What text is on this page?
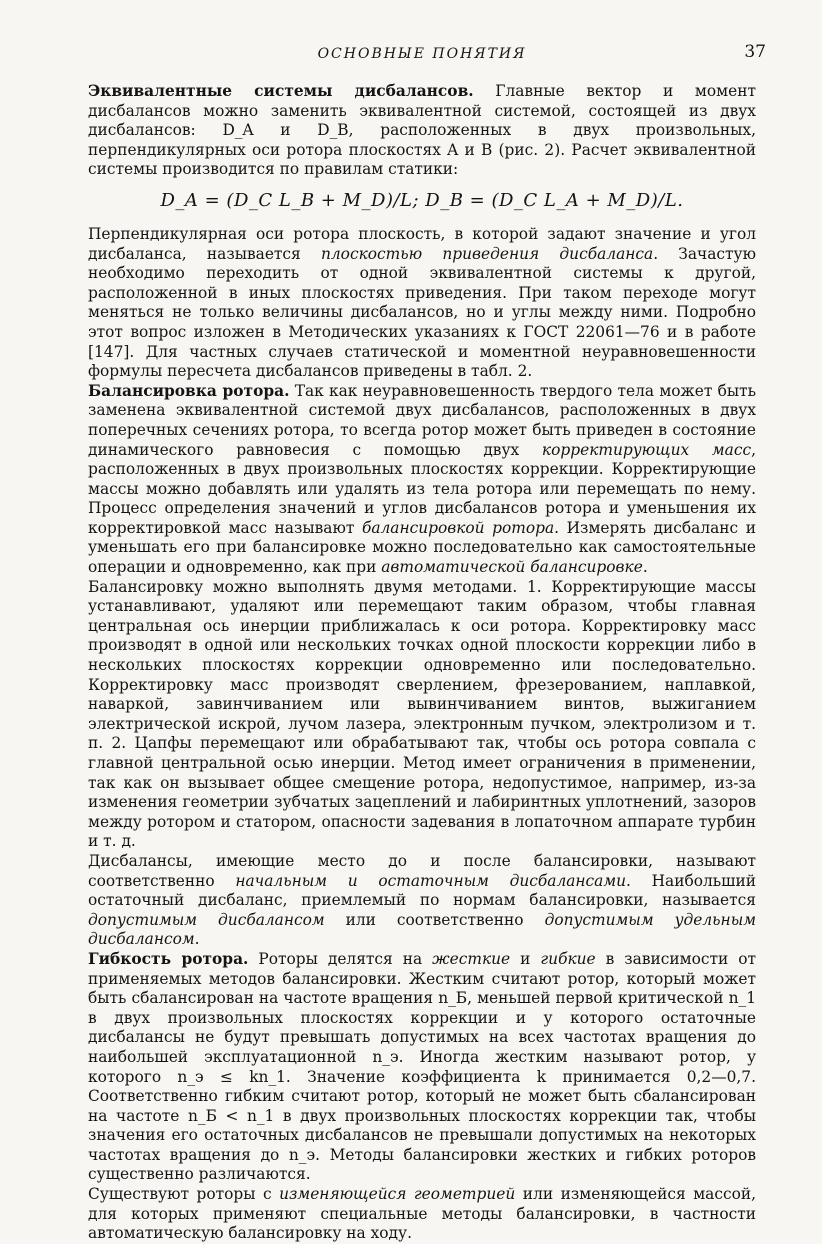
ОСНОВНЫЕ ПОНЯТИЯ	37

Эквивалентные системы дисбалансов. Главные вектор и момент дисбалансов можно заменить эквивалентной системой, состоящей из двух дисбалансов: D_A и D_B, расположенных в двух произвольных, перпендикулярных оси ротора плоскостях A и B (рис. 2). Расчет эквивалентной системы производится по правилам статики:

D_A = (D_C L_B + M_D)/L; D_B = (D_C L_A + M_D)/L.

Перпендикулярная оси ротора плоскость, в которой задают значение и угол дисбаланса, называется плоскостью приведения дисбаланса. Зачастую необходимо переходить от одной эквивалентной системы к другой, расположенной в иных плоскостях приведения. При таком переходе могут меняться не только величины дисбалансов, но и углы между ними. Подробно этот вопрос изложен в Методических указаниях к ГОСТ 22061—76 и в работе [147]. Для частных случаев статической и моментной неуравновешенности формулы пересчета дисбалансов приведены в табл. 2.

Балансировка ротора. Так как неуравновешенность твердого тела может быть заменена эквивалентной системой двух дисбалансов, расположенных в двух поперечных сечениях ротора, то всегда ротор может быть приведен в состояние динамического равновесия с помощью двух корректирующих масс, расположенных в двух произвольных плоскостях коррекции. Корректирующие массы можно добавлять или удалять из тела ротора или перемещать по нему. Процесс определения значений и углов дисбалансов ротора и уменьшения их корректировкой масс называют балансировкой ротора. Измерять дисбаланс и уменьшать его при балансировке можно последовательно как самостоятельные операции и одновременно, как при автоматической балансировке.

Балансировку можно выполнять двумя методами. 1. Корректирующие массы устанавливают, удаляют или перемещают таким образом, чтобы главная центральная ось инерции приближалась к оси ротора. Корректировку масс производят в одной или нескольких точках одной плоскости коррекции либо в нескольких плоскостях коррекции одновременно или последовательно. Корректировку масс производят сверлением, фрезерованием, наплавкой, наваркой, завинчиванием или вывинчиванием винтов, выжиганием электрической искрой, лучом лазера, электронным пучком, электролизом и т. п. 2. Цапфы перемещают или обрабатывают так, чтобы ось ротора совпала с главной центральной осью инерции. Метод имеет ограничения в применении, так как он вызывает общее смещение ротора, недопустимое, например, из-за изменения геометрии зубчатых зацеплений и лабиринтных уплотнений, зазоров между ротором и статором, опасности задевания в лопаточном аппарате турбин и т. д.

Дисбалансы, имеющие место до и после балансировки, называют соответственно начальным и остаточным дисбалансами. Наибольший остаточный дисбаланс, приемлемый по нормам балансировки, называется допустимым дисбалансом или соответственно допустимым удельным дисбалансом.

Гибкость ротора. Роторы делятся на жесткие и гибкие в зависимости от применяемых методов балансировки. Жестким считают ротор, который может быть сбалансирован на частоте вращения n_Б, меньшей первой критической n_1 в двух произвольных плоскостях коррекции и у которого остаточные дисбалансы не будут превышать допустимых на всех частотах вращения до наибольшей эксплуатационной n_э. Иногда жестким называют ротор, у которого n_э ≤ kn_1. Значение коэффициента k принимается 0,2—0,7. Соответственно гибким считают ротор, который не может быть сбалансирован на частоте n_Б < n_1 в двух произвольных плоскостях коррекции так, чтобы значения его остаточных дисбалансов не превышали допустимых на некоторых частотах вращения до n_э. Методы балансировки жестких и гибких роторов существенно различаются.

Существуют роторы с изменяющейся геометрией или изменяющейся массой, для которых применяют специальные методы балансировки, в частности автоматическую балансировку на ходу.
